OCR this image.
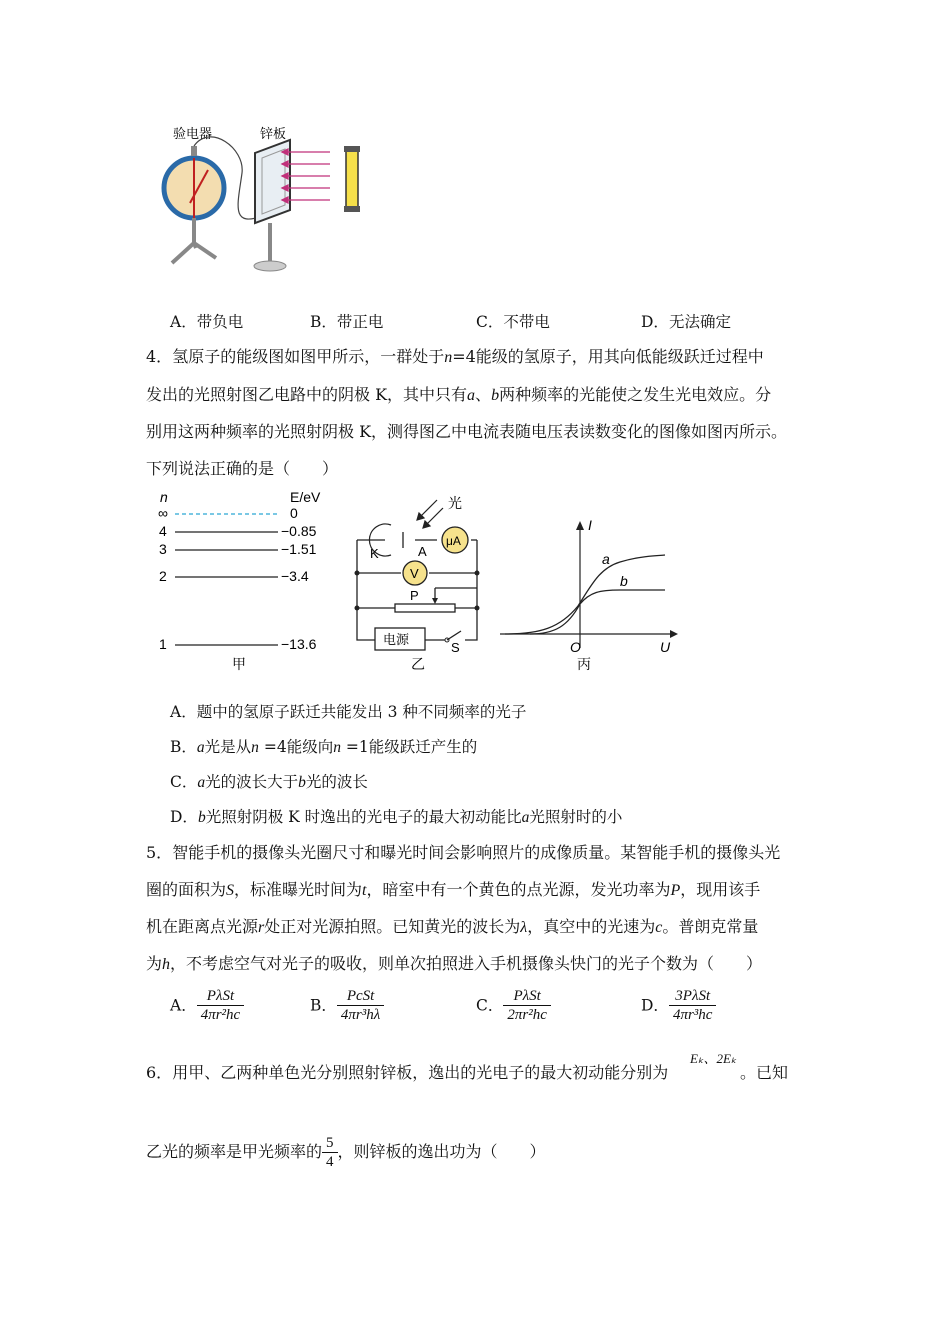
验电器	锌板
A．带负电	B．带正电	C．不带电	D．无法确定
4．氢原子的能级图如图甲所示，一群处于n=4能级的氢原子，用其向低能级跃迁过程中
发出的光照射图乙电路中的阴极 K，其中只有a、b两种频率的光能使之发生光电效应。分
别用这两种频率的光照射阴极 K，测得图乙中电流表随电压表读数变化的图像如图丙所示。
下列说法正确的是（　　）
n	E/eV
∞	0
4	−0.85
3	−1.51
2	−3.4
1	−13.6
甲
μA
V
光
K	A
P
电源
S
乙
I
U
O
a
b
丙
A．题中的氢原子跃迁共能发出 3 种不同频率的光子
B．a光是从n =4能级向n =1能级跃迁产生的
C．a光的波长大于b光的波长
D．b光照射阴极 K 时逸出的光电子的最大初动能比a光照射时的小
5．智能手机的摄像头光圈尺寸和曝光时间会影响照片的成像质量。某智能手机的摄像头光
圈的面积为S，标准曝光时间为t，暗室中有一个黄色的点光源，发光功率为P，现用该手
机在距离点光源r处正对光源拍照。已知黄光的波长为λ，真空中的光速为c。普朗克常量
为h，不考虑空气对光子的吸收，则单次拍照进入手机摄像头快门的光子个数为（　　）
A． $\frac{\text{PλSt}}{\text{4πr²hc}}$	B． $\frac{\text{PcSt}}{\text{4πr³hλ}}$	C． $\frac{\text{PλSt}}{\text{2πr²hc}}$	D． $\frac{\text{3PλSt}}{\text{4πr³hc}}$
6．用甲、乙两种单色光分别照射锌板，逸出的光电子的最大初动能分别为
Eₖ、2Eₖ
。已知
乙光的频率是甲光频率的 $\frac{5}{4}$ ，则锌板的逸出功为（　　）
